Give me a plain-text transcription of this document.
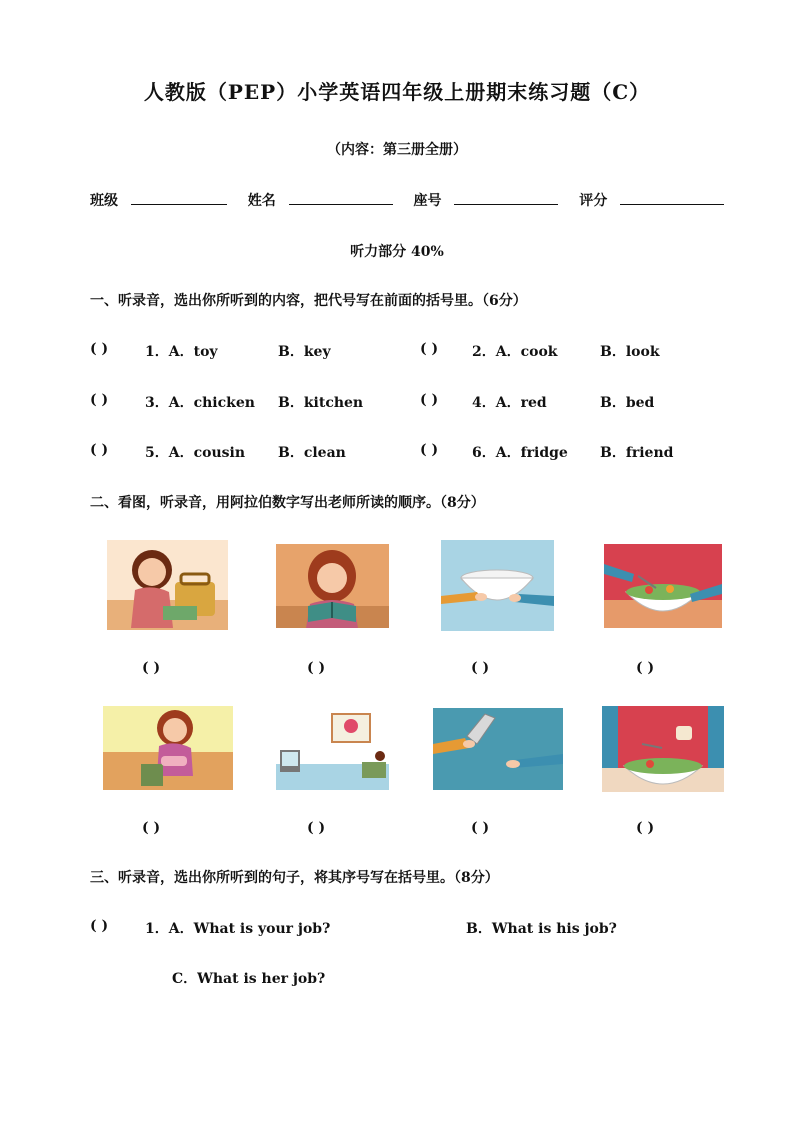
人教版（PEP）小学英语四年级上册期末练习题（C）
（内容：第三册全册）
班级	姓名	座号	评分
听力部分 40%
一、听录音，选出你所听到的内容，把代号写在前面的括号里。（6分）
( )	1．A．toy	B．key	( ) 2．A．cook	B．look
( )	3．A．chicken B．kitchen	( ) 4．A．red	B．bed
( )	5．A．cousin B．clean	( ) 6．A．fridge B．friend
二、看图，听录音，用阿拉伯数字写出老师所读的顺序。（8分）
( )	( )	( )	( )
( )	( )	( )	( )
三、听录音，选出你所听到的句子，将其序号写在括号里。（8分）
( )	1．A．What is your job?	B．What is his job?
C．What is her job?
